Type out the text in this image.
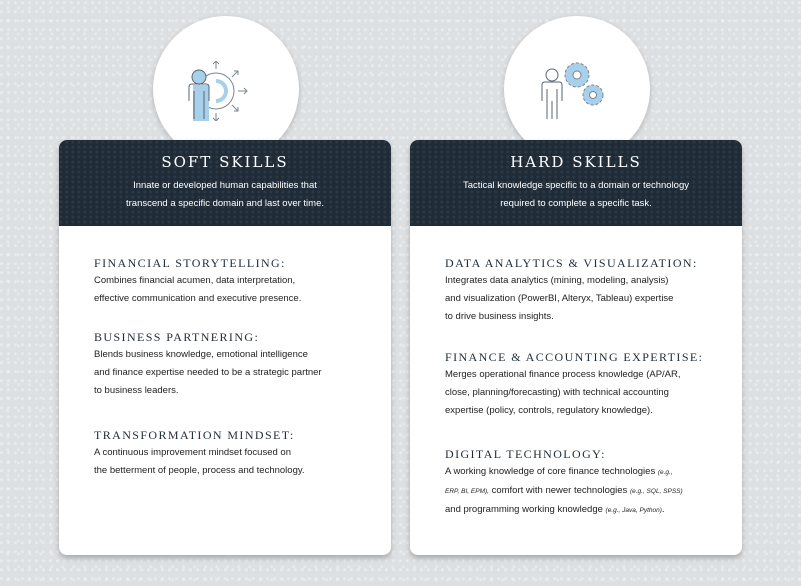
SOFT SKILLS
Innate or developed human capabilities that
transcend a specific domain and last over time.
FINANCIAL STORYTELLING:

Combines financial acumen, data interpretation,
effective communication and executive presence.

BUSINESS PARTNERING:

Blends business knowledge, emotional intelligence
and finance expertise needed to be a strategic partner
to business leaders.

TRANSFORMATION MINDSET:

A continuous improvement mindset focused on
the betterment of people, process and technology.

HARD SKILLS
Tactical knowledge specific to a domain or technology
required to complete a specific task.
DATA ANALYTICS & VISUALIZATION:

Integrates data analytics (mining, modeling, analysis)
and visualization (PowerBI, Alteryx, Tableau) expertise
to drive business insights.

FINANCE & ACCOUNTING EXPERTISE:

Merges operational finance process knowledge (AP/AR,
close, planning/forecasting) with technical accounting
expertise (policy, controls, regulatory knowledge).

DIGITAL TECHNOLOGY:

A working knowledge of core finance technologies (e.g.,
ERP, BI, EPM), comfort with newer technologies (e.g., SQL, SPSS)
and programming working knowledge (e.g., Java, Python).
